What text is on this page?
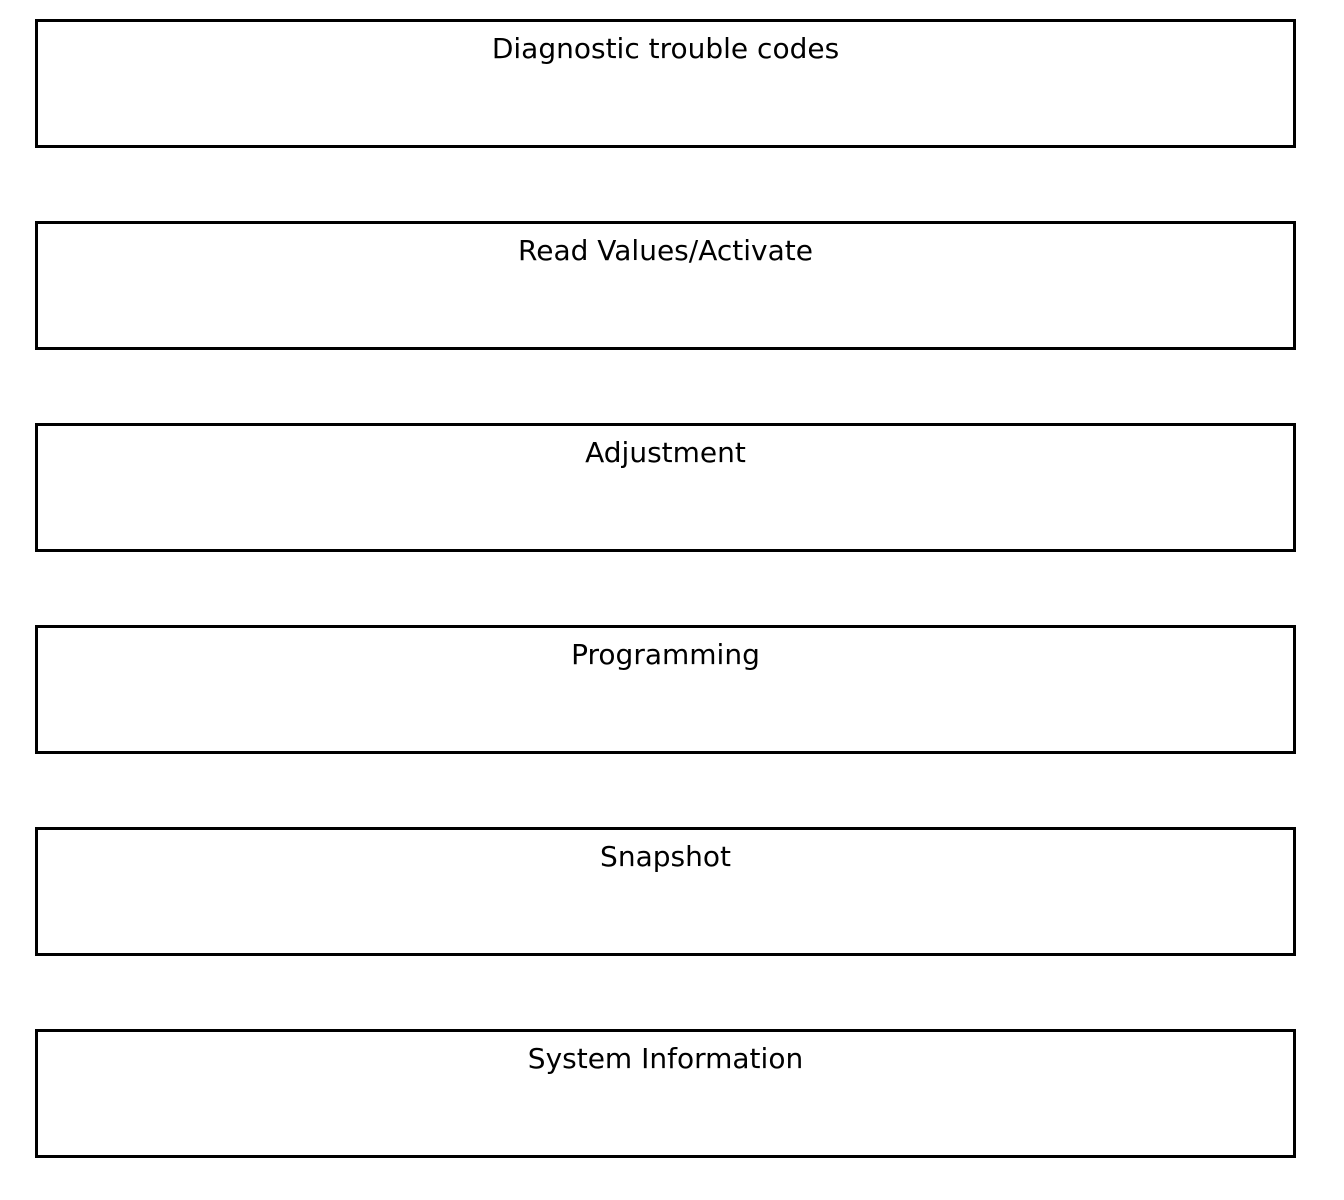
Diagnostic trouble codes
Read Values/Activate
Adjustment
Programming
Snapshot
System Information
